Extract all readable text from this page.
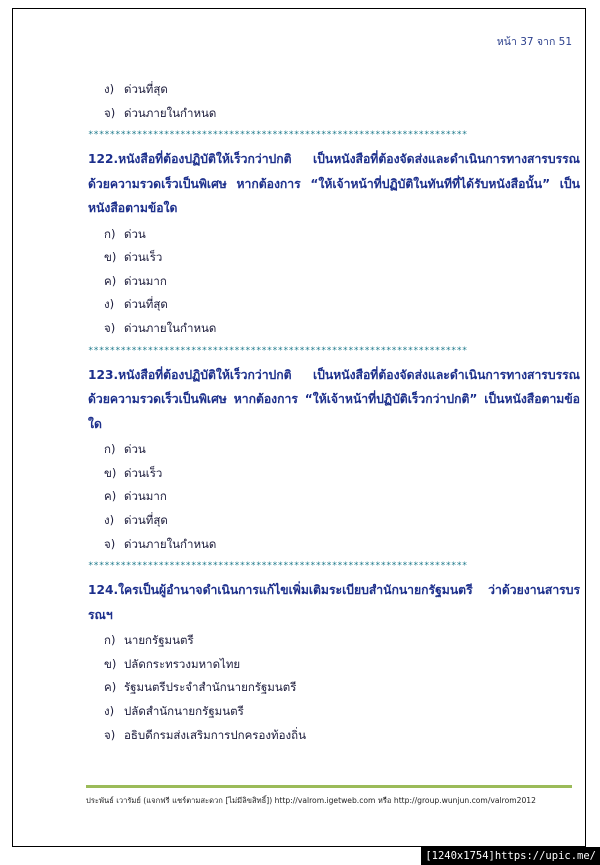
หน้า 37 จาก 51
ง) ด่วนที่สุด
จ) ด่วนภายในกำหนด
**********************************************************************
122.หนังสือที่ต้องปฏิบัติให้เร็วกว่าปกติ เป็นหนังสือที่ต้องจัดส่งและดำเนินการทางสารบรรณด้วยความรวดเร็วเป็นพิเศษ หากต้องการ “ให้เจ้าหน้าที่ปฏิบัติในทันทีที่ได้รับหนังสือนั้น” เป็นหนังสือตามข้อใด
ก) ด่วน
ข) ด่วนเร็ว
ค) ด่วนมาก
ง) ด่วนที่สุด
จ) ด่วนภายในกำหนด
**********************************************************************
123.หนังสือที่ต้องปฏิบัติให้เร็วกว่าปกติ เป็นหนังสือที่ต้องจัดส่งและดำเนินการทางสารบรรณด้วยความรวดเร็วเป็นพิเศษ หากต้องการ “ให้เจ้าหน้าที่ปฏิบัติเร็วกว่าปกติ” เป็นหนังสือตามข้อใด
ก) ด่วน
ข) ด่วนเร็ว
ค) ด่วนมาก
ง) ด่วนที่สุด
จ) ด่วนภายในกำหนด
**********************************************************************
124.ใครเป็นผู้อำนาจดำเนินการแก้ไขเพิ่มเติมระเบียบสำนักนายกรัฐมนตรี ว่าด้วยงานสารบรรณฯ
ก) นายกรัฐมนตรี
ข) ปลัดกระทรวงมหาดไทย
ค) รัฐมนตรีประจำสำนักนายกรัฐมนตรี
ง) ปลัดสำนักนายกรัฐมนตรี
จ) อธิบดีกรมส่งเสริมการปกครองท้องถิ่น
ประพันธ์ เวารัมย์ (แจกฟรี แชร์ตามสะดวก [ไม่มีลิขสิทธิ์]) http://valrom.igetweb.com หรือ http://group.wunjun.com/valrom2012
[1240x1754]https://upic.me/
